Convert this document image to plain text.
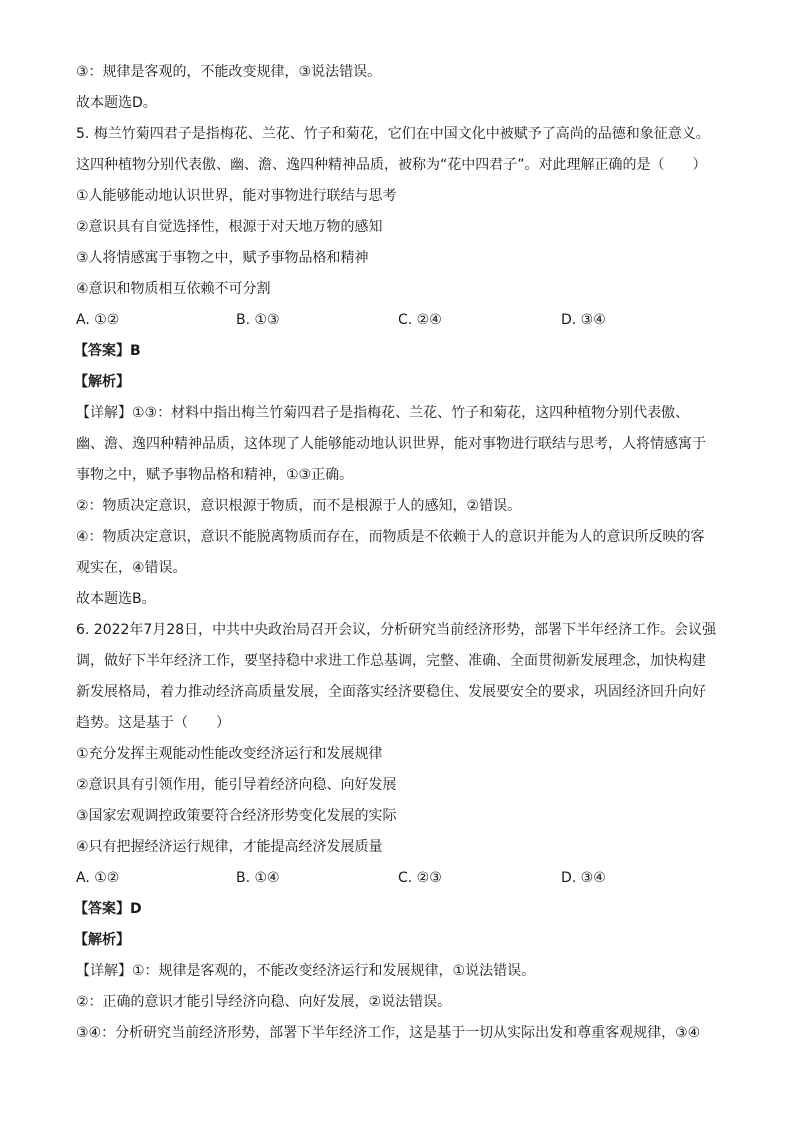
③：规律是客观的，不能改变规律，③说法错误。
故本题选D。
5. 梅兰竹菊四君子是指梅花、兰花、竹子和菊花，它们在中国文化中被赋予了高尚的品德和象征意义。
这四种植物分别代表傲、幽、澹、逸四种精神品质，被称为“花中四君子”。对此理解正确的是（　　）
①人能够能动地认识世界，能对事物进行联结与思考
②意识具有自觉选择性，根源于对天地万物的感知
③人将情感寓于事物之中，赋予事物品格和精神
④意识和物质相互依赖不可分割
A. ①②	B. ①③	C. ②④	D. ③④
【答案】B
【解析】
【详解】①③：材料中指出梅兰竹菊四君子是指梅花、兰花、竹子和菊花，这四种植物分别代表傲、
幽、澹、逸四种精神品质，这体现了人能够能动地认识世界，能对事物进行联结与思考，人将情感寓于
事物之中，赋予事物品格和精神，①③正确。
②：物质决定意识，意识根源于物质，而不是根源于人的感知，②错误。
④：物质决定意识，意识不能脱离物质而存在，而物质是不依赖于人的意识并能为人的意识所反映的客
观实在，④错误。
故本题选B。
6. 2022年7月28日，中共中央政治局召开会议，分析研究当前经济形势，部署下半年经济工作。会议强
调，做好下半年经济工作，要坚持稳中求进工作总基调，完整、准确、全面贯彻新发展理念，加快构建
新发展格局，着力推动经济高质量发展，全面落实经济要稳住、发展要安全的要求，巩固经济回升向好
趋势。这是基于（　　）
①充分发挥主观能动性能改变经济运行和发展规律
②意识具有引领作用，能引导着经济向稳、向好发展
③国家宏观调控政策要符合经济形势变化发展的实际
④只有把握经济运行规律，才能提高经济发展质量
A. ①②	B. ①④	C. ②③	D. ③④
【答案】D
【解析】
【详解】①：规律是客观的，不能改变经济运行和发展规律，①说法错误。
②：正确的意识才能引导经济向稳、向好发展，②说法错误。
③④：分析研究当前经济形势，部署下半年经济工作，这是基于一切从实际出发和尊重客观规律，③④
